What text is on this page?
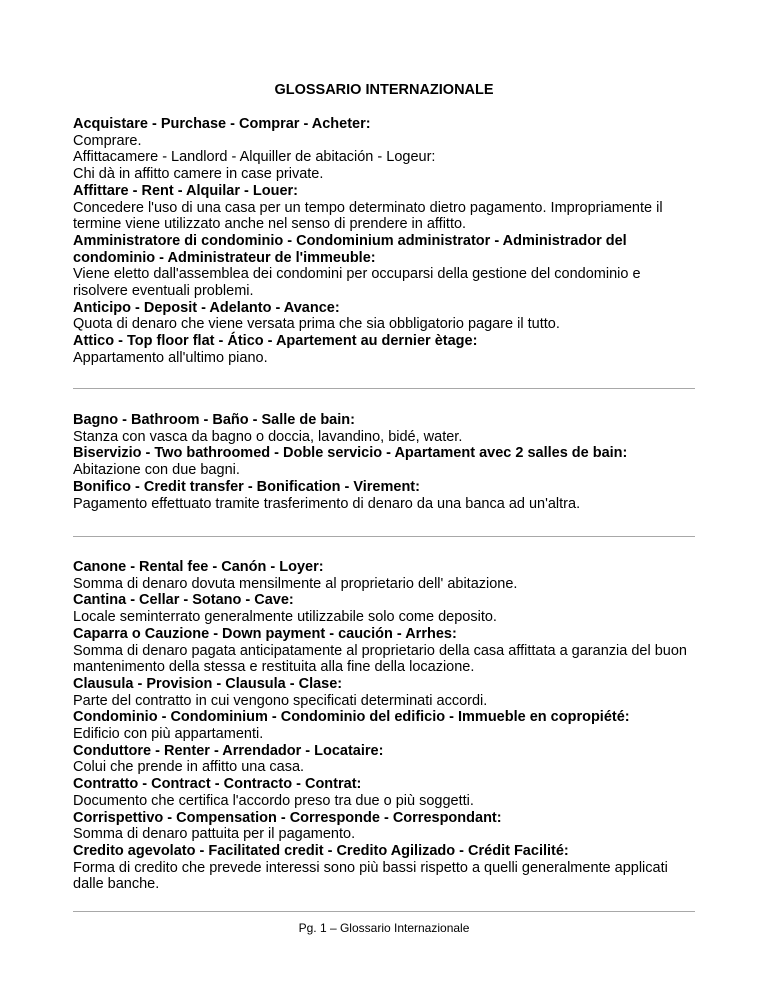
GLOSSARIO INTERNAZIONALE
Acquistare - Purchase - Comprar - Acheter:
Comprare.
Affittacamere - Landlord - Alquiller de abitación - Logeur:
Chi dà in affitto camere in case private.
Affittare - Rent - Alquilar - Louer:
Concedere l'uso di una casa per un tempo determinato dietro pagamento. Impropriamente il termine viene utilizzato anche nel senso di prendere in affitto.
Amministratore di condominio - Condominium administrator - Administrador del condominio - Administrateur de l'immeuble:
Viene eletto dall'assemblea dei condomini per occuparsi della gestione del condominio e risolvere eventuali problemi.
Anticipo - Deposit - Adelanto - Avance:
Quota di denaro che viene versata prima che sia obbligatorio pagare il tutto.
Attico - Top floor flat - Ático - Apartement au dernier ètage:
Appartamento all'ultimo piano.
Bagno - Bathroom - Baño - Salle de bain:
Stanza con vasca da bagno o doccia, lavandino, bidé, water.
Biservizio - Two bathroomed - Doble servicio - Apartament avec 2 salles de bain:
Abitazione con due bagni.
Bonifico - Credit transfer - Bonification - Virement:
Pagamento effettuato tramite trasferimento di denaro da una banca ad un'altra.
Canone - Rental fee - Canón - Loyer:
Somma di denaro dovuta mensilmente al proprietario dell' abitazione.
Cantina - Cellar - Sotano - Cave:
Locale seminterrato generalmente utilizzabile solo come deposito.
Caparra o Cauzione - Down payment - caución - Arrhes:
Somma di denaro pagata anticipatamente al proprietario della casa affittata a garanzia del buon mantenimento della stessa e restituita alla fine della locazione.
Clausula - Provision - Clausula - Clase:
Parte del contratto in cui vengono specificati determinati accordi.
Condominio - Condominium - Condominio del edificio - Immueble en copropiété:
Edificio con più appartamenti.
Conduttore - Renter - Arrendador - Locataire:
Colui che prende in affitto una casa.
Contratto - Contract - Contracto - Contrat:
Documento che certifica l'accordo preso tra due o più soggetti.
Corrispettivo - Compensation - Corresponde - Correspondant:
Somma di denaro pattuita per il pagamento.
Credito agevolato - Facilitated credit - Credito Agilizado - Crédit Facilité:
Forma di credito che prevede interessi sono più bassi rispetto a quelli generalmente applicati dalle banche.
Pg. 1 – Glossario Internazionale
